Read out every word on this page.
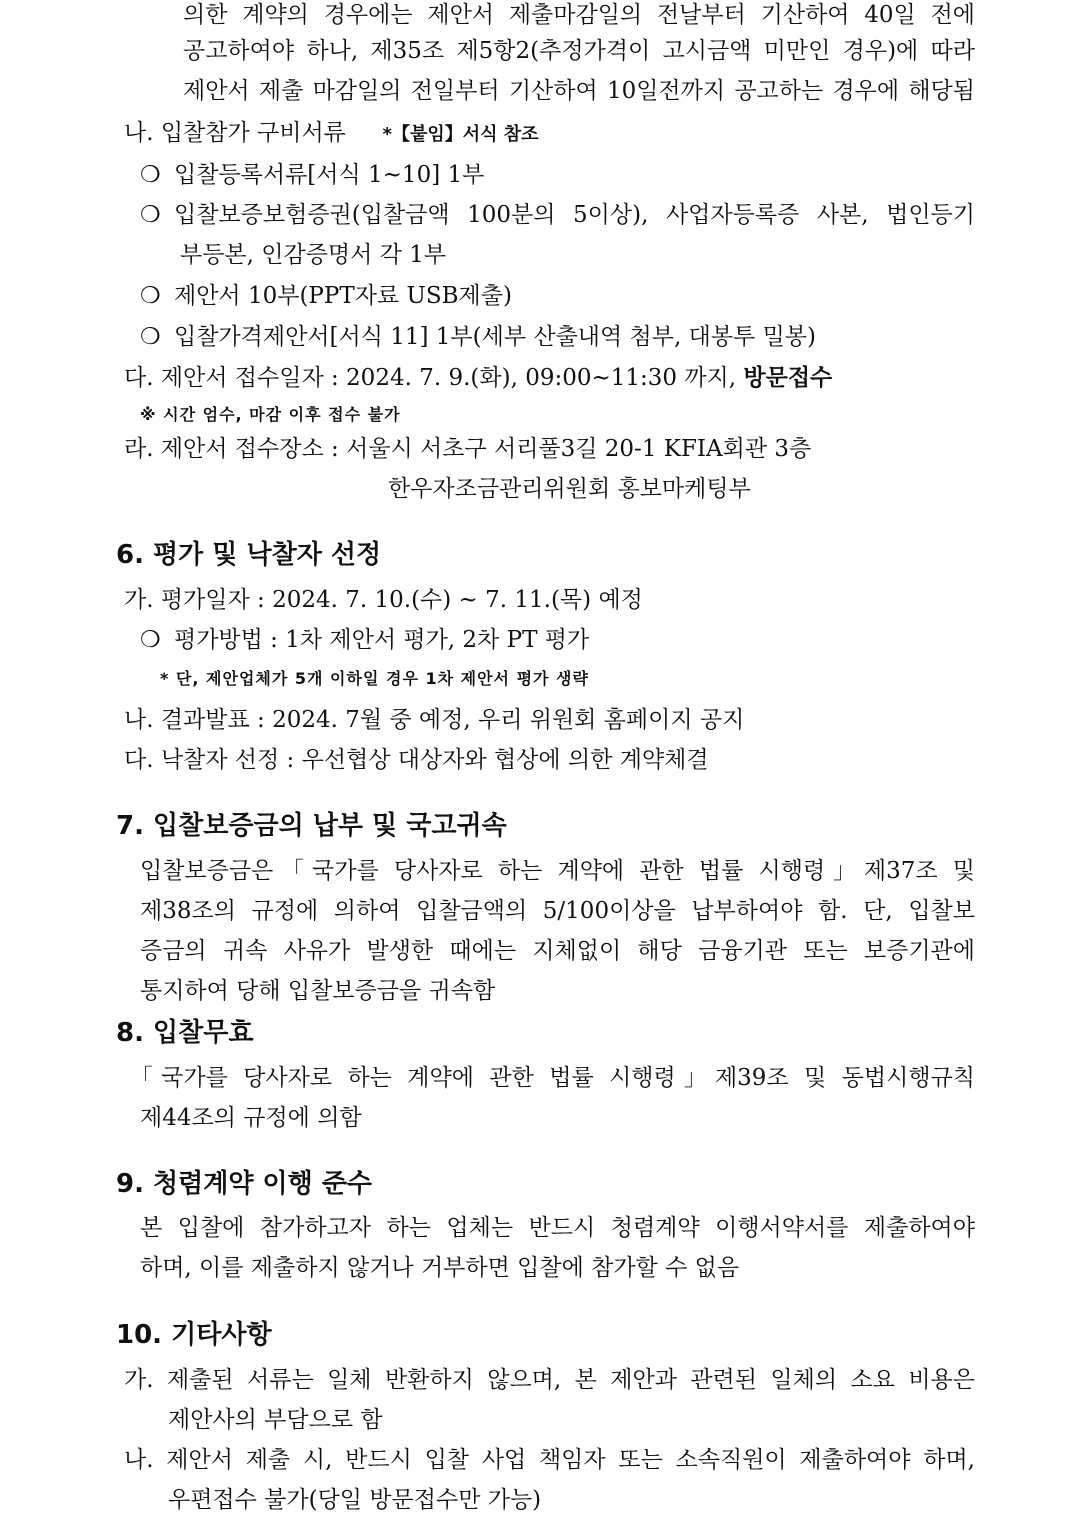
의한 계약의 경우에는 제안서 제출마감일의 전날부터 기산하여 40일 전에
공고하여야 하나, 제35조 제5항2(추정가격이 고시금액 미만인 경우)에 따라
제안서 제출 마감일의 전일부터 기산하여 10일전까지 공고하는 경우에 해당됨
나. 입찰참가 구비서류 *【붙임】서식 참조
❍ 입찰등록서류[서식 1~10] 1부
❍ 입찰보증보험증권(입찰금액 100분의 5이상), 사업자등록증 사본, 법인등기
부등본, 인감증명서 각 1부
❍ 제안서 10부(PPT자료 USB제출)
❍ 입찰가격제안서[서식 11] 1부(세부 산출내역 첨부, 대봉투 밀봉)
다. 제안서 접수일자 : 2024. 7. 9.(화), 09:00~11:30 까지, 방문접수
※ 시간 엄수, 마감 이후 접수 불가
라. 제안서 접수장소 : 서울시 서초구 서리풀3길 20-1 KFIA회관 3층
한우자조금관리위원회 홍보마케팅부
6. 평가 및 낙찰자 선정
가. 평가일자 : 2024. 7. 10.(수) ~ 7. 11.(목) 예정
❍ 평가방법 : 1차 제안서 평가, 2차 PT 평가
* 단, 제안업체가 5개 이하일 경우 1차 제안서 평가 생략
나. 결과발표 : 2024. 7월 중 예정, 우리 위원회 홈페이지 공지
다. 낙찰자 선정 : 우선협상 대상자와 협상에 의한 계약체결
7. 입찰보증금의 납부 및 국고귀속
입찰보증금은「국가를 당사자로 하는 계약에 관한 법률 시행령」제37조 및
제38조의 규정에 의하여 입찰금액의 5/100이상을 납부하여야 함. 단, 입찰보
증금의 귀속 사유가 발생한 때에는 지체없이 해당 금융기관 또는 보증기관에
통지하여 당해 입찰보증금을 귀속함
8. 입찰무효
「국가를 당사자로 하는 계약에 관한 법률 시행령」제39조 및 동법시행규칙
제44조의 규정에 의함
9. 청렴계약 이행 준수
본 입찰에 참가하고자 하는 업체는 반드시 청렴계약 이행서약서를 제출하여야
하며, 이를 제출하지 않거나 거부하면 입찰에 참가할 수 없음
10. 기타사항
가. 제출된 서류는 일체 반환하지 않으며, 본 제안과 관련된 일체의 소요 비용은
제안사의 부담으로 함
나. 제안서 제출 시, 반드시 입찰 사업 책임자 또는 소속직원이 제출하여야 하며,
우편접수 불가(당일 방문접수만 가능)
